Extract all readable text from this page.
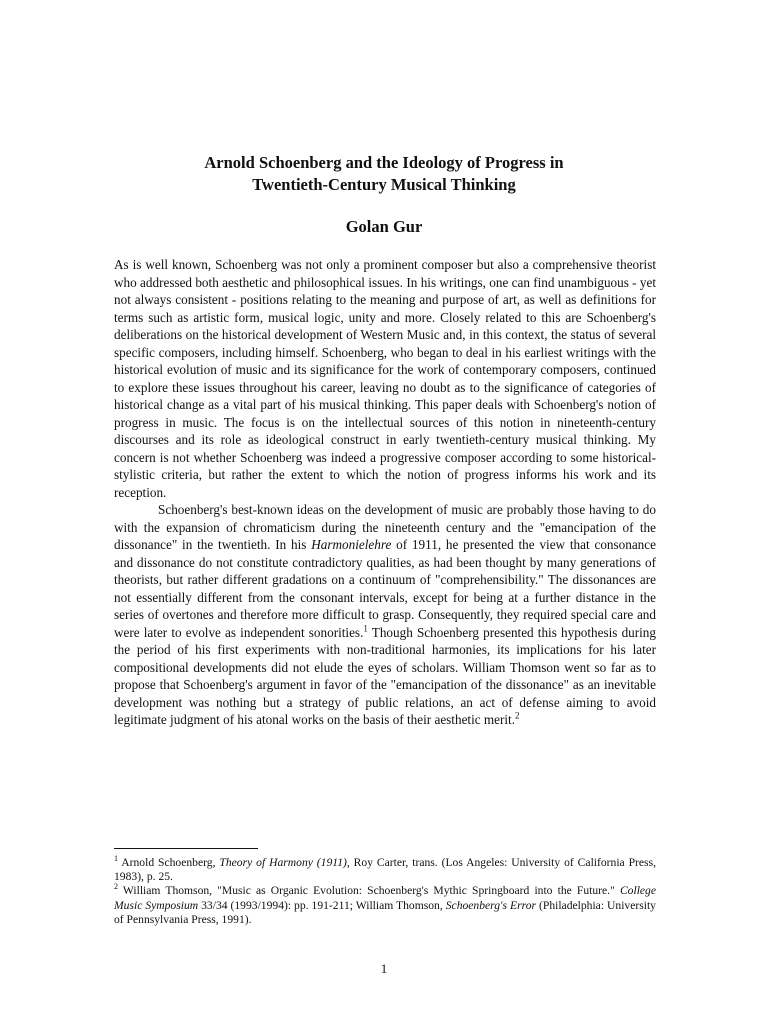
Arnold Schoenberg and the Ideology of Progress in
Twentieth-Century Musical Thinking
Golan Gur

As is well known, Schoenberg was not only a prominent composer but also a comprehensive theorist who addressed both aesthetic and philosophical issues. In his writings, one can find unambiguous - yet not always consistent - positions relating to the meaning and purpose of art, as well as definitions for terms such as artistic form, musical logic, unity and more. Closely related to this are Schoenberg's deliberations on the historical development of Western Music and, in this context, the status of several specific composers, including himself. Schoenberg, who began to deal in his earliest writings with the historical evolution of music and its significance for the work of contemporary composers, continued to explore these issues throughout his career, leaving no doubt as to the significance of categories of historical change as a vital part of his musical thinking. This paper deals with Schoenberg's notion of progress in music. The focus is on the intellectual sources of this notion in nineteenth-century discourses and its role as ideological construct in early twentieth-century musical thinking. My concern is not whether Schoenberg was indeed a progressive composer according to some historical-stylistic criteria, but rather the extent to which the notion of progress informs his work and its reception.

Schoenberg's best-known ideas on the development of music are probably those having to do with the expansion of chromaticism during the nineteenth century and the "emancipation of the dissonance" in the twentieth. In his Harmonielehre of 1911, he presented the view that consonance and dissonance do not constitute contradictory qualities, as had been thought by many generations of theorists, but rather different gradations on a continuum of "comprehensibility." The dissonances are not essentially different from the consonant intervals, except for being at a further distance in the series of overtones and therefore more difficult to grasp. Consequently, they required special care and were later to evolve as independent sonorities.$^1$ Though Schoenberg presented this hypothesis during the period of his first experiments with non-traditional harmonies, its implications for his later compositional developments did not elude the eyes of scholars. William Thomson went so far as to propose that Schoenberg's argument in favor of the "emancipation of the dissonance" as an inevitable development was nothing but a strategy of public relations, an act of defense aiming to avoid legitimate judgment of his atonal works on the basis of their aesthetic merit.$^2$

$^1$ Arnold Schoenberg, Theory of Harmony (1911), Roy Carter, trans. (Los Angeles: University of California Press, 1983), p. 25.

$^2$ William Thomson, "Music as Organic Evolution: Schoenberg's Mythic Springboard into the Future." College Music Symposium 33/34 (1993/1994): pp. 191-211; William Thomson, Schoenberg's Error (Philadelphia: University of Pennsylvania Press, 1991).

1
